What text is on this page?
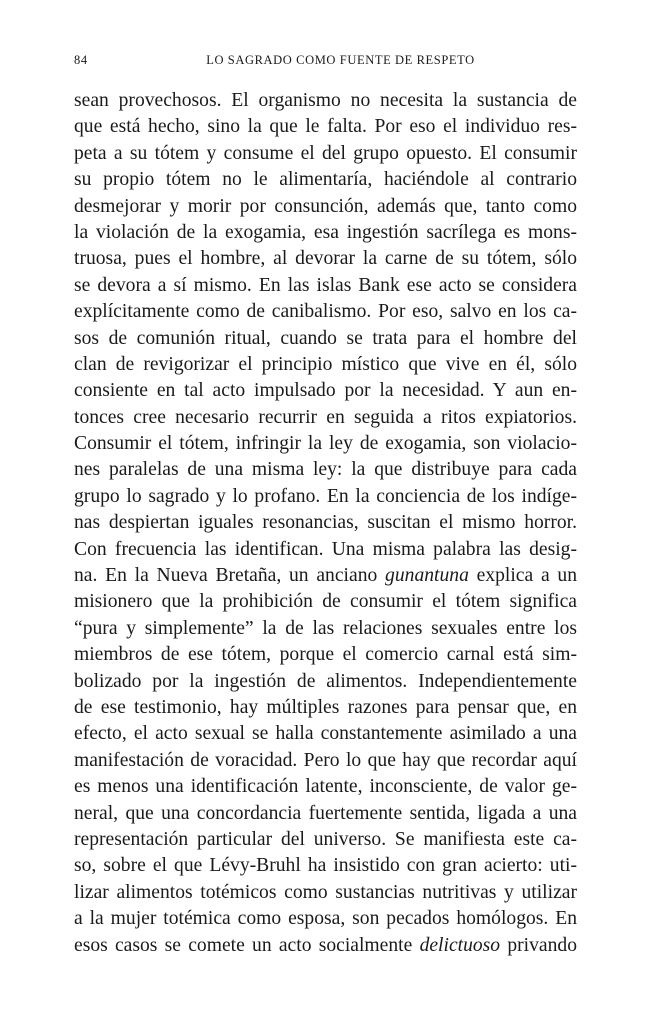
84	LO SAGRADO COMO FUENTE DE RESPETO
sean provechosos. El organismo no necesita la sustancia de
que está hecho, sino la que le falta. Por eso el individuo res-
peta a su tótem y consume el del grupo opuesto. El consumir
su propio tótem no le alimentaría, haciéndole al contrario
desmejorar y morir por consunción, además que, tanto como
la violación de la exogamia, esa ingestión sacrílega es mons-
truosa, pues el hombre, al devorar la carne de su tótem, sólo
se devora a sí mismo. En las islas Bank ese acto se considera
explícitamente como de canibalismo. Por eso, salvo en los ca-
sos de comunión ritual, cuando se trata para el hombre del
clan de revigorizar el principio místico que vive en él, sólo
consiente en tal acto impulsado por la necesidad. Y aun en-
tonces cree necesario recurrir en seguida a ritos expiatorios.
Consumir el tótem, infringir la ley de exogamia, son violacio-
nes paralelas de una misma ley: la que distribuye para cada
grupo lo sagrado y lo profano. En la conciencia de los indíge-
nas despiertan iguales resonancias, suscitan el mismo horror.
Con frecuencia las identifican. Una misma palabra las desig-
na. En la Nueva Bretaña, un anciano gunantuna explica a un
misionero que la prohibición de consumir el tótem significa
“pura y simplemente” la de las relaciones sexuales entre los
miembros de ese tótem, porque el comercio carnal está sim-
bolizado por la ingestión de alimentos. Independientemente
de ese testimonio, hay múltiples razones para pensar que, en
efecto, el acto sexual se halla constantemente asimilado a una
manifestación de voracidad. Pero lo que hay que recordar aquí
es menos una identificación latente, inconsciente, de valor ge-
neral, que una concordancia fuertemente sentida, ligada a una
representación particular del universo. Se manifiesta este ca-
so, sobre el que Lévy-Bruhl ha insistido con gran acierto: uti-
lizar alimentos totémicos como sustancias nutritivas y utilizar
a la mujer totémica como esposa, son pecados homólogos. En
esos casos se comete un acto socialmente delictuoso privando
